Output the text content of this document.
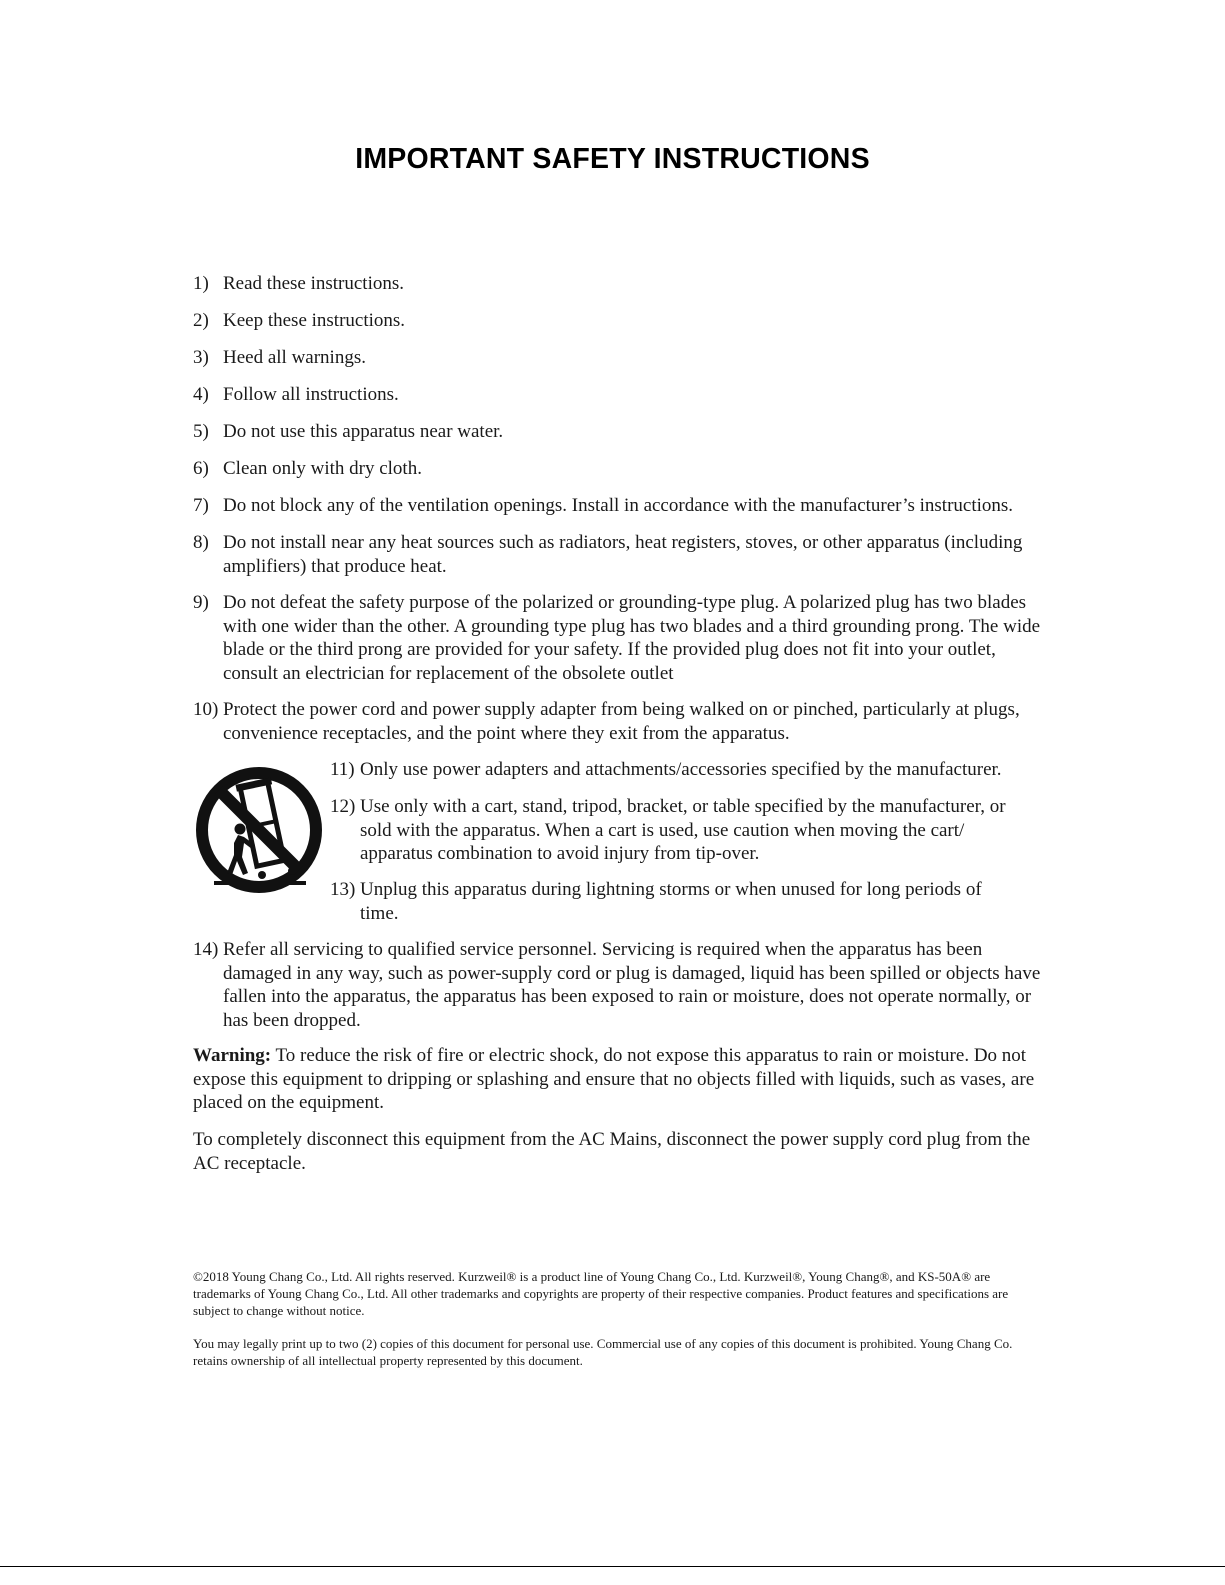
IMPORTANT SAFETY INSTRUCTIONS
1) Read these instructions.
2) Keep these instructions.
3) Heed all warnings.
4) Follow all instructions.
5) Do not use this apparatus near water.
6) Clean only with dry cloth.
7) Do not block any of the ventilation openings. Install in accordance with the manufacturer’s instructions.
8) Do not install near any heat sources such as radiators, heat registers, stoves, or other apparatus (including amplifiers) that produce heat.
9) Do not defeat the safety purpose of the polarized or grounding-type plug. A polarized plug has two blades with one wider than the other. A grounding type plug has two blades and a third grounding prong. The wide blade or the third prong are provided for your safety. If the provided plug does not fit into your outlet, consult an electrician for replacement of the obsolete outlet
10) Protect the power cord and power supply adapter from being walked on or pinched, particularly at plugs, convenience receptacles, and the point where they exit from the apparatus.
11) Only use power adapters and attachments/accessories specified by the manufacturer.
12) Use only with a cart, stand, tripod, bracket, or table specified by the manufacturer, or sold with the apparatus. When a cart is used, use caution when moving the cart/ apparatus combination to avoid injury from tip-over.
13) Unplug this apparatus during lightning storms or when unused for long periods of time.
14) Refer all servicing to qualified service personnel. Servicing is required when the apparatus has been damaged in any way, such as power-supply cord or plug is damaged, liquid has been spilled or objects have fallen into the apparatus, the apparatus has been exposed to rain or moisture, does not operate normally, or has been dropped.

Warning: To reduce the risk of fire or electric shock, do not expose this apparatus to rain or moisture. Do not expose this equipment to dripping or splashing and ensure that no objects filled with liquids, such as vases, are placed on the equipment.

To completely disconnect this equipment from the AC Mains, disconnect the power supply cord plug from the AC receptacle.

©2018 Young Chang Co., Ltd. All rights reserved. Kurzweil® is a product line of Young Chang Co., Ltd. Kurzweil®, Young Chang®, and KS-50A® are trademarks of Young Chang Co., Ltd. All other trademarks and copyrights are property of their respective companies. Product features and specifications are subject to change without notice.

You may legally print up to two (2) copies of this document for personal use. Commercial use of any copies of this document is prohibited. Young Chang Co. retains ownership of all intellectual property represented by this document.
